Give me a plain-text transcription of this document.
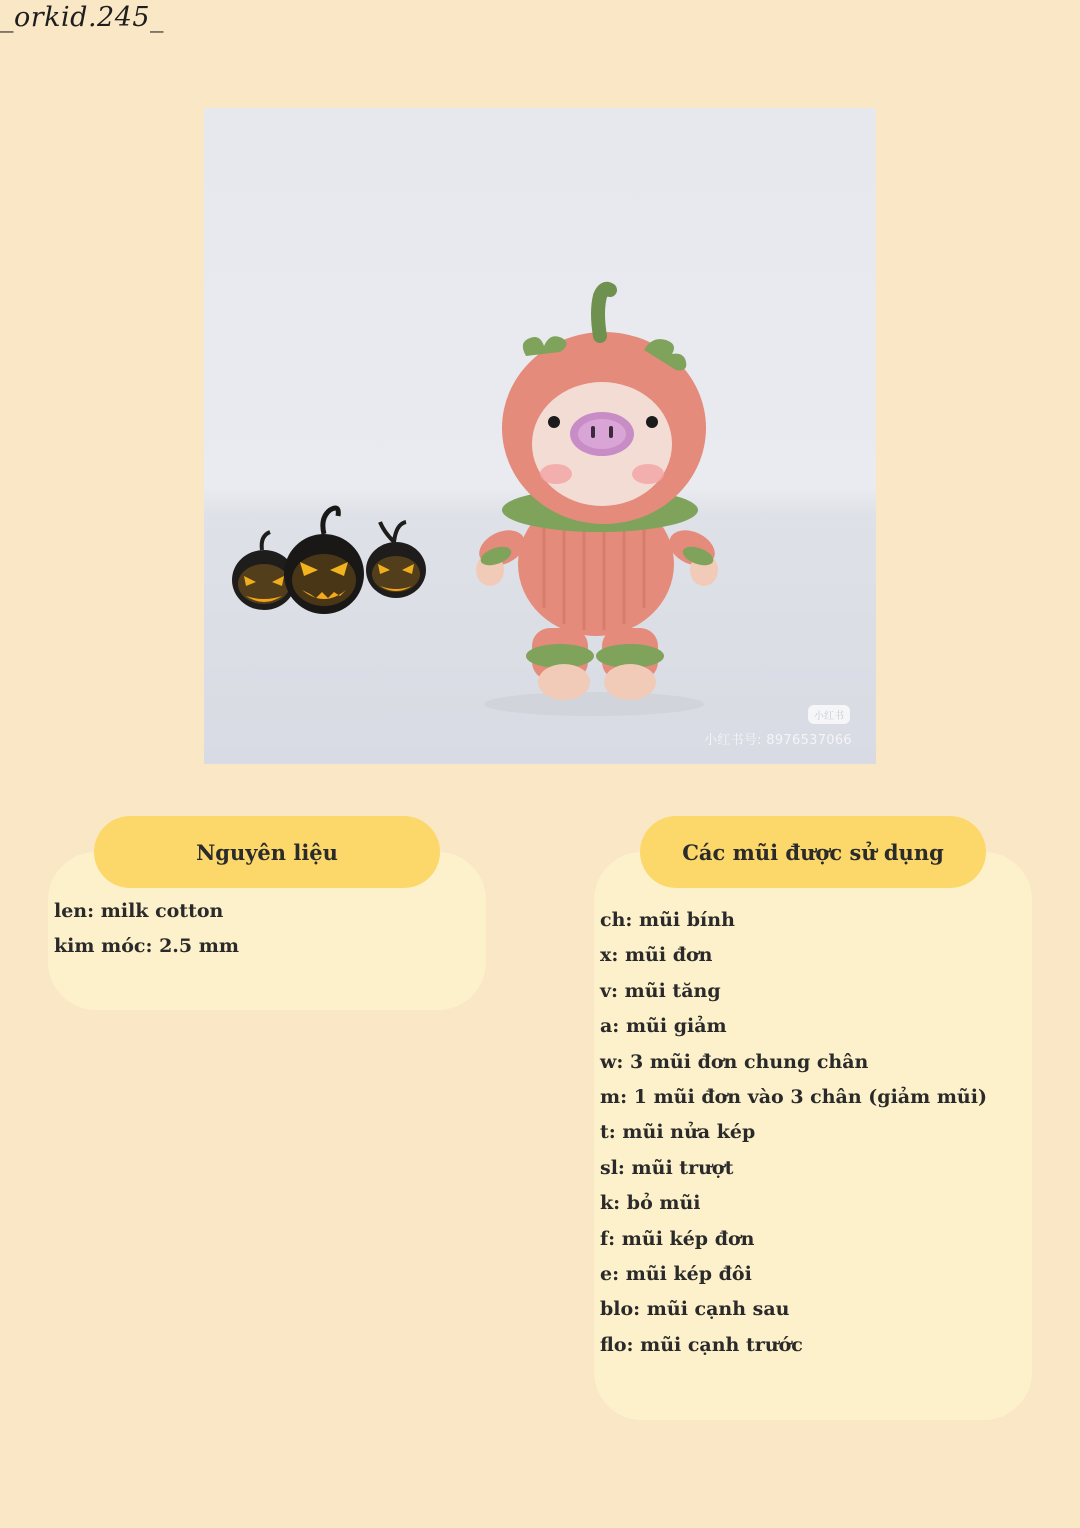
_orkid.245_
小红书
小红书号: 8976537066
Nguyên liệu
len: milk cotton
kim móc: 2.5 mm
Các mũi được sử dụng
ch: mũi bính
x: mũi đơn
v: mũi tăng
a: mũi giảm
w: 3 mũi đơn chung chân
m: 1 mũi đơn vào 3 chân (giảm mũi)
t: mũi nửa kép
sl: mũi trượt
k: bỏ mũi
f: mũi kép đơn
e: mũi kép đôi
blo: mũi cạnh sau
flo: mũi cạnh trước
